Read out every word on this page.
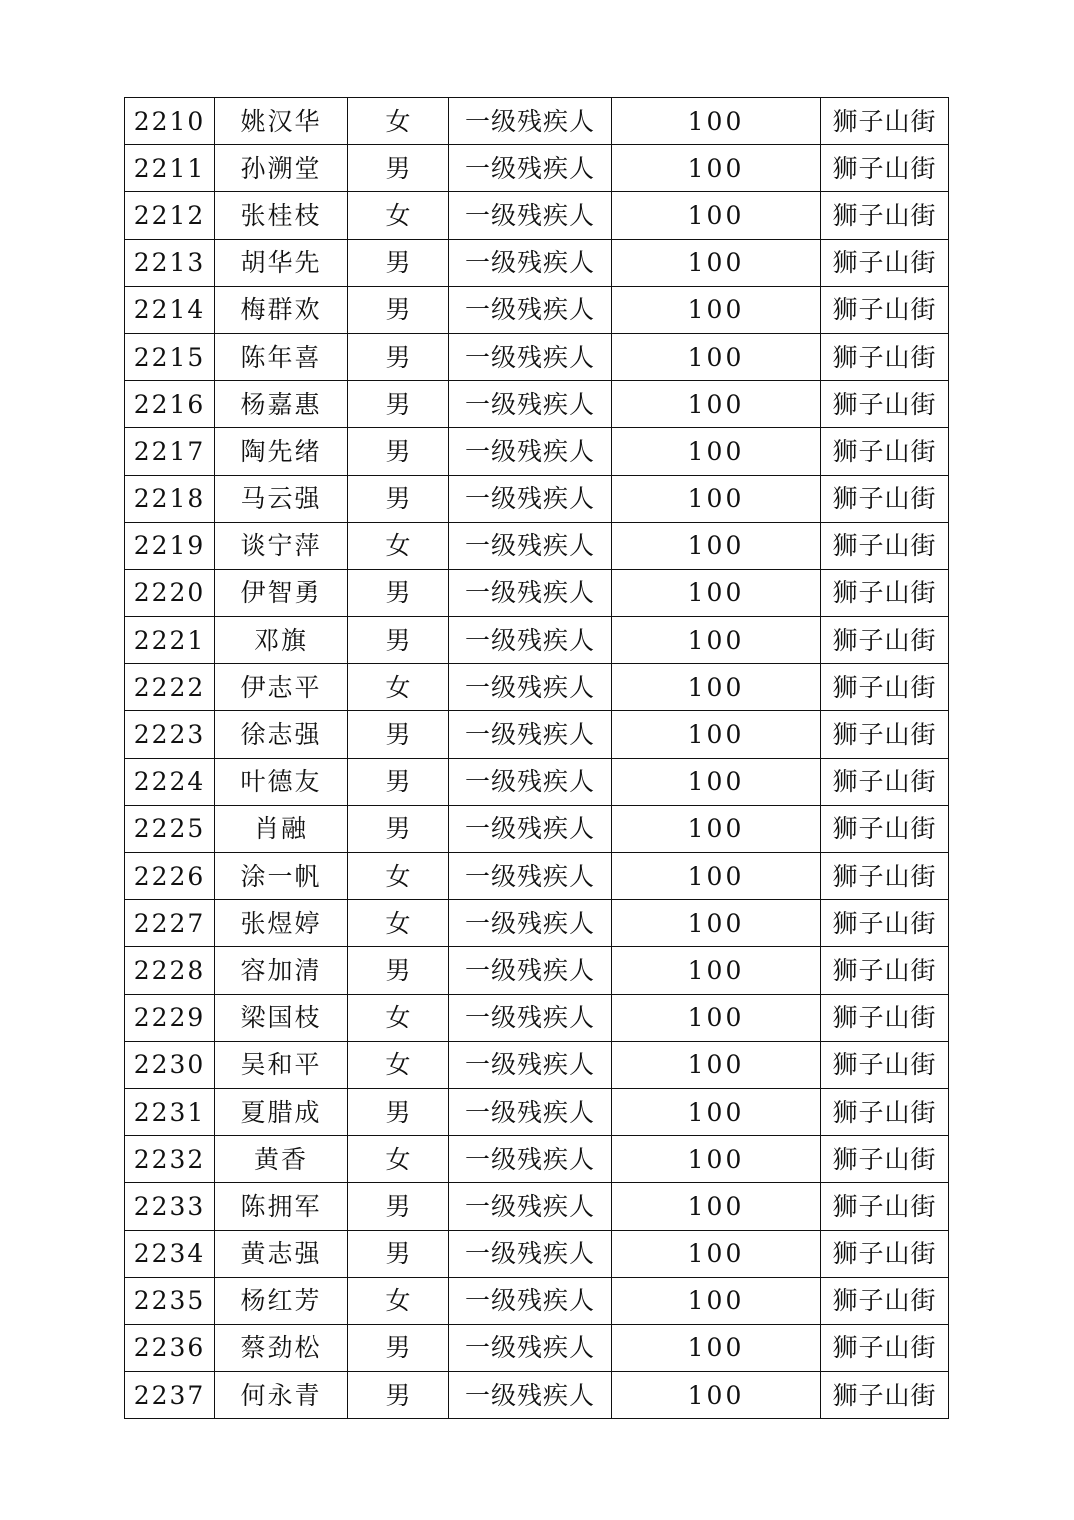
2210	姚汉华	女	一级残疾人	100	狮子山街
2211	孙溯堂	男	一级残疾人	100	狮子山街
2212	张桂枝	女	一级残疾人	100	狮子山街
2213	胡华先	男	一级残疾人	100	狮子山街
2214	梅群欢	男	一级残疾人	100	狮子山街
2215	陈年喜	男	一级残疾人	100	狮子山街
2216	杨嘉惠	男	一级残疾人	100	狮子山街
2217	陶先绪	男	一级残疾人	100	狮子山街
2218	马云强	男	一级残疾人	100	狮子山街
2219	谈宁萍	女	一级残疾人	100	狮子山街
2220	伊智勇	男	一级残疾人	100	狮子山街
2221	邓旗	男	一级残疾人	100	狮子山街
2222	伊志平	女	一级残疾人	100	狮子山街
2223	徐志强	男	一级残疾人	100	狮子山街
2224	叶德友	男	一级残疾人	100	狮子山街
2225	肖融	男	一级残疾人	100	狮子山街
2226	涂一帆	女	一级残疾人	100	狮子山街
2227	张煜婷	女	一级残疾人	100	狮子山街
2228	容加清	男	一级残疾人	100	狮子山街
2229	梁国枝	女	一级残疾人	100	狮子山街
2230	吴和平	女	一级残疾人	100	狮子山街
2231	夏腊成	男	一级残疾人	100	狮子山街
2232	黄香	女	一级残疾人	100	狮子山街
2233	陈拥军	男	一级残疾人	100	狮子山街
2234	黄志强	男	一级残疾人	100	狮子山街
2235	杨红芳	女	一级残疾人	100	狮子山街
2236	蔡劲松	男	一级残疾人	100	狮子山街
2237	何永青	男	一级残疾人	100	狮子山街
